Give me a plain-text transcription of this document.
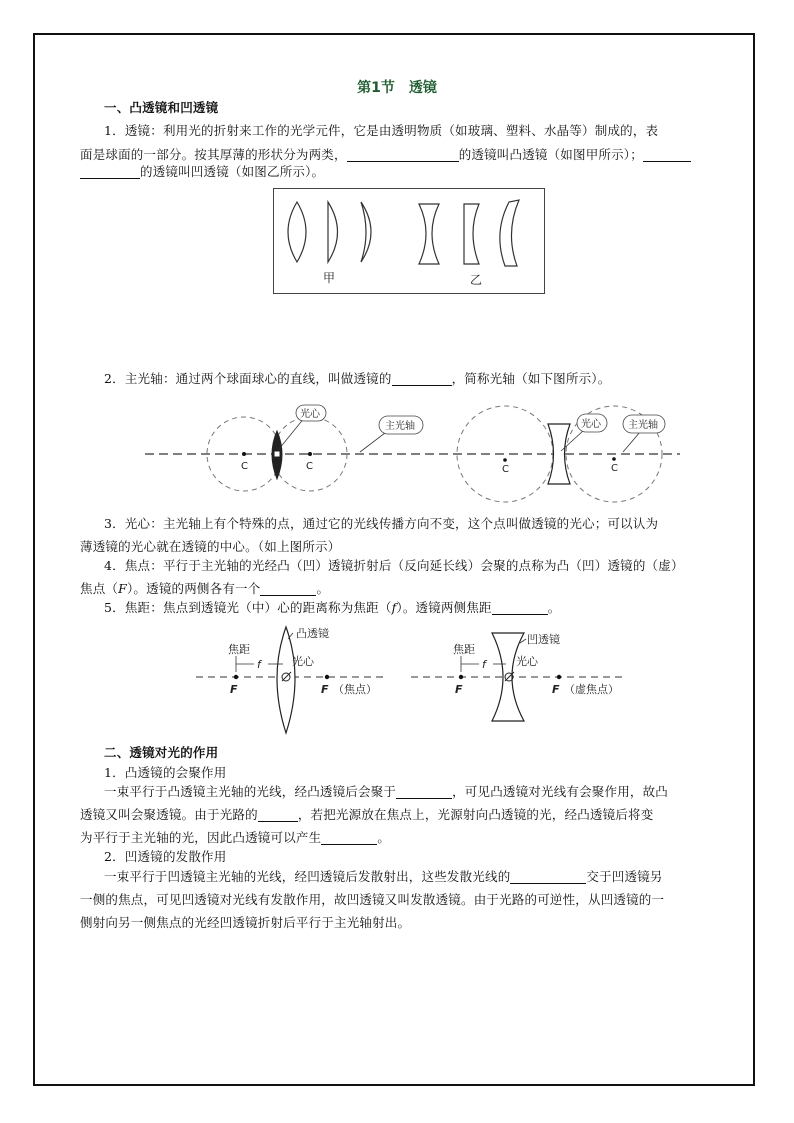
第1节　透镜
一、凸透镜和凹透镜
1．透镜：利用光的折射来工作的光学元件，它是由透明物质（如玻璃、塑料、水晶等）制成的，表
面是球面的一部分。按其厚薄的形状分为两类，	的透镜叫凸透镜（如图甲所示）；
的透镜叫凹透镜（如图乙所示）。
甲	乙
2．主光轴：通过两个球面球心的直线，叫做透镜的	，简称光轴（如下图所示）。
C	C
光心
主光轴
C	C
光心	主光轴
3．光心：主光轴上有个特殊的点，通过它的光线传播方向不变，这个点叫做透镜的光心；可以认为
薄透镜的光心就在透镜的中心。（如上图所示）
4．焦点：平行于主光轴的光经凸（凹）透镜折射后（反向延长线）会聚的点称为凸（凹）透镜的（虚）
焦点（F）。透镜的两侧各有一个	。
5．焦距：焦点到透镜光（中）心的距离称为焦距（f）。透镜两侧焦距	。
f
焦距
凸透镜
光心
F	F （焦点）
f
焦距
凹透镜
光心
F	F （虚焦点）
二、透镜对光的作用
1．凸透镜的会聚作用
一束平行于凸透镜主光轴的光线，经凸透镜后会聚于	，可见凸透镜对光线有会聚作用，故凸
透镜又叫会聚透镜。由于光路的	，若把光源放在焦点上，光源射向凸透镜的光，经凸透镜后将变
为平行于主光轴的光，因此凸透镜可以产生	。
2．凹透镜的发散作用
一束平行于凹透镜主光轴的光线，经凹透镜后发散射出，这些发散光线的	交于凹透镜另
一侧的焦点，可见凹透镜对光线有发散作用，故凹透镜又叫发散透镜。由于光路的可逆性，从凹透镜的一
侧射向另一侧焦点的光经凹透镜折射后平行于主光轴射出。
